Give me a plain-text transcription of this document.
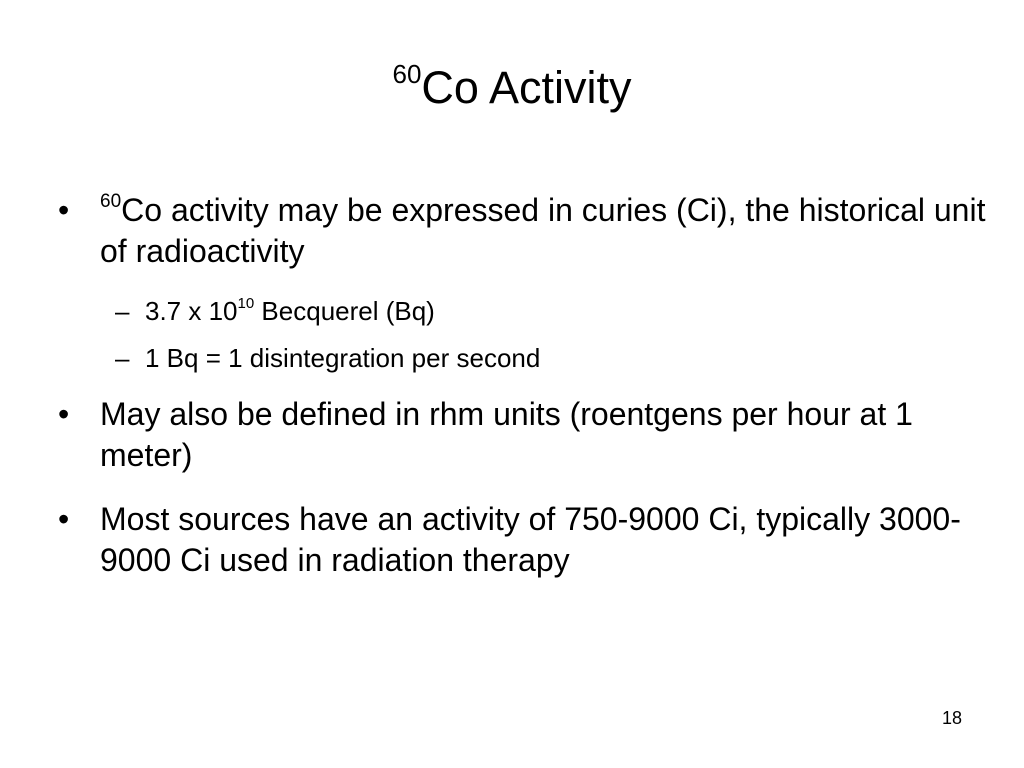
$^{60}$Co Activity
•	$^{60}$Co activity may be expressed in curies (Ci), the historical unit of radioactivity
– 3.7 x $10^{10}$ Becquerel (Bq)
– 1 Bq = 1 disintegration per second
• May also be defined in rhm units (roentgens per hour at 1 meter)
• Most sources have an activity of 750-9000 Ci, typically 3000-9000 Ci used in radiation therapy
18
